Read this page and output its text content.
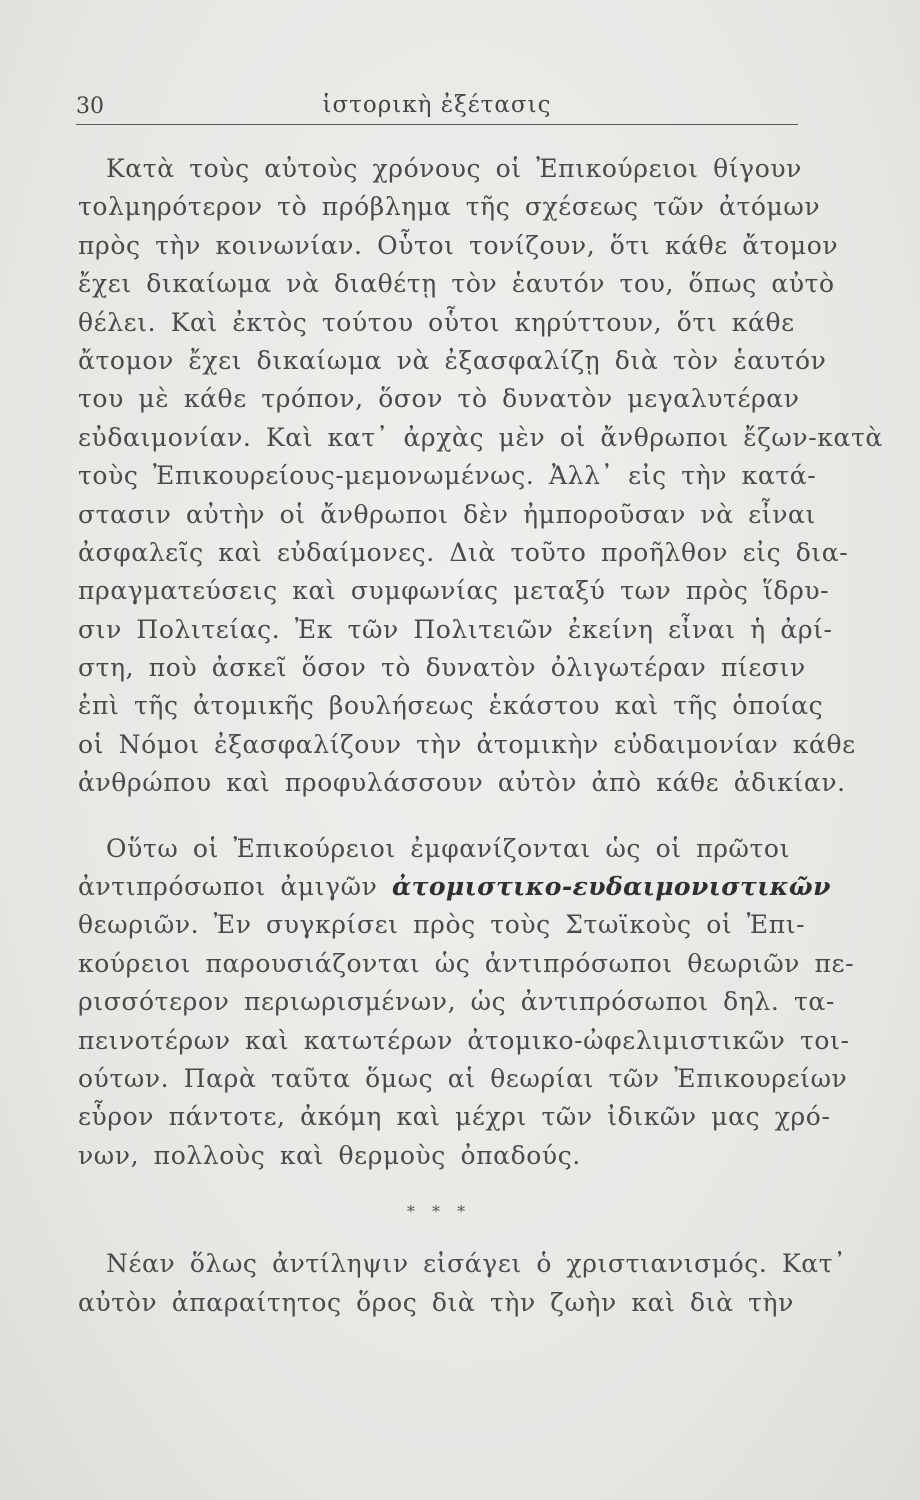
30	ἱστορικὴ ἐξέτασις
Κατὰ τοὺς αὐτοὺς χρόνους οἱ Ἐπικούρειοι θίγουν
τολμηρότερον τὸ πρόβλημα τῆς σχέσεως τῶν ἀτόμων
πρὸς τὴν κοινωνίαν. Οὗτοι τονίζουν, ὅτι κάθε ἄτομον
ἔχει δικαίωμα νὰ διαθέτῃ τὸν ἑαυτόν του, ὅπως αὐτὸ
θέλει. Καὶ ἐκτὸς τούτου οὗτοι κηρύττουν, ὅτι κάθε
ἄτομον ἔχει δικαίωμα νὰ ἐξασφαλίζῃ διὰ τὸν ἑαυτόν
του μὲ κάθε τρόπον, ὅσον τὸ δυνατὸν μεγαλυτέραν
εὐδαιμονίαν. Καὶ κατ᾽ ἀρχὰς μὲν οἱ ἄνθρωποι ἔζων-κατὰ
τοὺς Ἐπικουρείους-μεμονωμένως. Ἀλλ᾽ εἰς τὴν κατά-
στασιν αὐτὴν οἱ ἄνθρωποι δὲν ἠμποροῦσαν νὰ εἶναι
ἀσφαλεῖς καὶ εὐδαίμονες. Διὰ τοῦτο προῆλθον εἰς δια-
πραγματεύσεις καὶ συμφωνίας μεταξύ των πρὸς ἵδρυ-
σιν Πολιτείας. Ἐκ τῶν Πολιτειῶν ἐκείνη εἶναι ἡ ἀρί-
στη, ποὺ ἀσκεῖ ὅσον τὸ δυνατὸν ὀλιγωτέραν πίεσιν
ἐπὶ τῆς ἀτομικῆς βουλήσεως ἑκάστου καὶ τῆς ὁποίας
οἱ Νόμοι ἐξασφαλίζουν τὴν ἀτομικὴν εὐδαιμονίαν κάθε
ἀνθρώπου καὶ προφυλάσσουν αὐτὸν ἀπὸ κάθε ἀδικίαν.
Οὕτω οἱ Ἐπικούρειοι ἐμφανίζονται ὡς οἱ πρῶτοι
ἀντιπρόσωποι ἀμιγῶν ἀτομιστικο-ευδαιμονιστικῶν
θεωριῶν. Ἐν συγκρίσει πρὸς τοὺς Στωϊκοὺς οἱ Ἐπι-
κούρειοι παρουσιάζονται ὡς ἀντιπρόσωποι θεωριῶν πε-
ρισσότερον περιωρισμένων, ὡς ἀντιπρόσωποι δηλ. τα-
πεινοτέρων καὶ κατωτέρων ἀτομικο-ὠφελιμιστικῶν τοι-
ούτων. Παρὰ ταῦτα ὅμως αἱ θεωρίαι τῶν Ἐπικουρείων
εὗρον πάντοτε, ἀκόμη καὶ μέχρι τῶν ἰδικῶν μας χρό-
νων, πολλοὺς καὶ θερμοὺς ὀπαδούς.
* * *
Νέαν ὅλως ἀντίληψιν εἰσάγει ὁ χριστιανισμός. Κατ᾽
αὐτὸν ἀπαραίτητος ὅρος διὰ τὴν ζωὴν καὶ διὰ τὴν
